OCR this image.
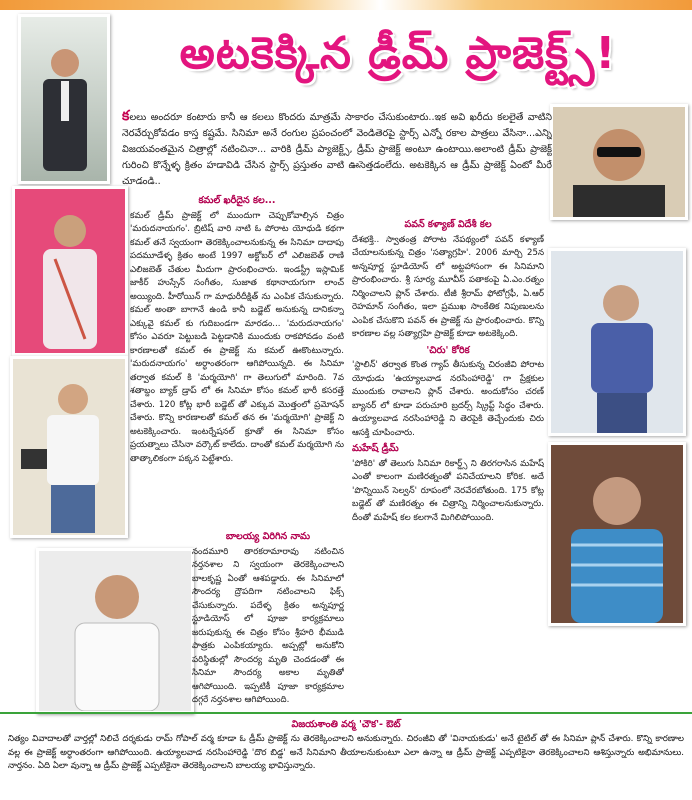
అటకెక్కిన డ్రీమ్ ప్రాజెక్ట్స్!
కలలు అందరూ కంటారు కానీ ఆ కలలు కొందరు మాత్రమే సాకారం చేసుకుంటారు..ఇక అవి ఖరీదు కలలైతే వాటిని నెరవేర్చుకోవడం కాస్త కష్టమే. సినిమా అనే రంగుల ప్రపంచంలో వెండితెరపై స్టార్స్ ఎన్నో రకాల పాత్రలు వేసినా...ఎన్ని విజయవంతమైన చిత్రాల్లో నటించినా... వారికి డ్రీమ్ ప్యాజెక్ట్స్, డ్రీమ్ ప్రాజెక్ట్ అంటూ ఉంటాయి.అలాంటి డ్రీమ్ ప్రాజెక్ట్ గురించి కొన్నేళ్ళ క్రితం హడావిడి చేసిన స్టార్స్ ప్రస్తుతం వాటి ఊసెత్తడంలేదు. అటకెక్కిన ఆ డ్రీమ్ ప్రాజెక్ట్ ఏంటో మీరే చూడండి..
కమల్ ఖరీదైన కల...
కమల్ డ్రీమ్ ప్రాజెక్ట్ లో ముందుగా చెప్పుకోవాల్సిన చిత్రం 'మరుదనాయగం'. బ్రిటిష్ వారి నాటి ఓ పోరాట యోధుడి కథగా కమల్ తనే స్వయంగా తెరకెక్కించాలనుకున్న ఈ సినిమా దాదాపు పదమూడేళ్ళ క్రితం అంటే 1997 అక్టోబర్ లో ఎలిజబెత్ రాణి ఎలిజబెత్ చేతుల మీదుగా ప్రారంభించారు. ఇండస్ట్రీ ఇస్లామిక్ జాకీర్ హుస్సేన్ సంగీతం, సుజాత కథానాయగుగా లాంచ్ అయ్యింది. హీరోయిన్ గా మాధురీదీక్షిత్ ను ఎంపిక చేసుకున్నారు. కమల్ అంతా బాగానే ఉండి కానీ బడ్జెట్ అనుకున్న దానికన్నా ఎక్కువై కమల్ కు గుదిబండగా మారడం... 'మరుదనాయగం' కోసం ఎవరూ పెట్టుబడి పెట్టడానికి ముందుకు రాకపోవడం వంటి కారణాలతో కమల్ ఈ ప్రాజెక్ట్ ను కమల్ ఊకొంటున్నారు. 'మరుదనాయగం' అర్ధాంతరంగా ఆగిపోయిన్నది. ఈ సినిమా తర్వాత కమల్ కి 'మర్మయోగి' గా తెలుగులో మారింది. 7వ శతాబ్దం బ్యాక్ డ్రాప్ లో ఈ సినిమా కోసం కమల్ భారీ కసరత్తే చేశారు. 120 కోట్ల భారీ బడ్జెట్ తో ఎక్కువ మొత్తంలో ప్రమోషన్ చేశారు. కొన్ని కారణాలతో కమల్ తన ఈ 'మర్మయోగి' ప్రాజెక్ట్ ని అటకెక్కించారు. ఇంటర్నేషనల్ క్రూతో ఈ సినిమా కోసం ప్రయత్నాలు చేసినా వర్కౌట్ కాలేదు. దాంతో కమల్ మర్మయోగి ను తాత్కాలికంగా పక్కన పెట్టేశారు.
బాలయ్య విరిగిన నామ
నందమూరి తారకరామారావు నటించిన నర్తనశాల ని స్వయంగా తెరకెక్కించాలని బాలకృష్ణ ఏంతో ఆశపడ్డారు. ఈ సినిమాలో సౌందర్య ద్రౌపదిగా నటించాలని ఫిక్స్ చేసుకున్నారు. పదేళ్ళ క్రితం అన్నపూర్ణ స్టూడియోస్ లో పూజా కార్యక్రమాలు జరుపుకున్న ఈ చిత్రం కోసం శ్రీహరి భీముడి పాత్రకు ఎంపికయ్యారు. అప్పట్లో అనుకోని పరిస్థితుల్లో సౌందర్య మృతి చెందడంతో ఈ సినిమా సౌందర్య అకాల మృతితో ఆగిపోయింది. ఇప్పటికీ పూజా కార్యక్రమాల దగ్గరే నర్తనశాల ఆగిపోయింది.
పవన్ కళ్యాణ్ విదేశీ కల
దేశభక్తి.. స్వాతంత్ర పోరాట నేపథ్యంలో పవన్ కళ్యాణ్ చేయాలనుకున్న చిత్రం 'సత్యాగ్రహి'. 2006 మార్చి 25న అన్నపూర్ణ స్టూడియోస్ లో అట్టహాసంగా ఈ సినిమాని ప్రారంభించారు. శ్రీ సూర్య మూవీస్ పతాకంపై ఏ.ఎం.రత్నం నిర్మించాలని ప్లాన్ చేశారు. టీజీ శ్రీరామ్ ఫోటోగ్రఫీ, ఏ.ఆర్ రెహమాన్ సంగీతం, ఇలా ప్రముఖ సాంకేతిక నిపుణులను ఎంపిక చేసుకొని పవన్ ఈ ప్రాజెక్ట్ ను ప్రారంభించారు. కొన్ని కారణాల వల్ల సత్యాగ్రహి ప్రాజెక్ట్ కూడా అటకెక్కింది.
'చిరు' కోరిక
'స్టాలిన్' తర్వాత కొంత గ్యాప్ తీసుకున్న చిరంజీవి పోరాట యోధుడు 'ఉయ్యాలవాడ నరసింహారెడ్డి' గా ప్రేక్షకుల ముందుకు రావాలని ప్లాన్ చేశారు. అందుకోసం చరణ్ బ్యానర్ లో కూడా పరుచూరి బ్రదర్స్ స్క్రిప్ట్ సిద్ధం చేశారు. ఉయ్యాలవాడ నరసింహారెడ్డి ని తెరపైకి తెచ్చేందుకు చిరు ఆసక్తి చూపించారు.
మహేష్ డ్రీమ్
'పోకిరి' తో తెలుగు సినిమా రికార్డ్స్ ని తిరగరాసిన మహేష్ ఎంతో కాలంగా మణిరత్నంతో పనిచేయాలని కోరిక. అదే 'పొన్నియిన్ సెల్వన్' రూపంలో నెరవేరబోతుంది. 175 కోట్ల బడ్జెట్ తో మణిరత్నం ఈ చిత్రాన్ని నిర్మించాలనుకున్నారు. దీంతో మహేష్ కల కలగానే మిగిలిపోయింది.
విజయశాంతి వర్మ 'చౌక'- ఔట్
నిత్యం వివాదాలతో వార్తల్లో నిలిచే దర్శకుడు రామ్ గోపాల్ వర్మ కూడా ఓ డ్రీమ్ ప్రాజెక్ట్ ను తెరకెక్కించాలని అనుకున్నారు. చిరంజీవి తో 'వినాయకుడు' అనే టైటిల్ తో ఈ సినిమా ప్లాన్ చేశారు. కొన్ని కారణాల వల్ల ఈ ప్రాజెక్ట్ అర్ధాంతరంగా ఆగిపోయింది. ఉయ్యాలవాడ నరసింహారెడ్డి 'దొర బిడ్డ' అనే సినిమాని తీయాలనుకుంటూ ఎలా ఉన్నా ఆ డ్రీమ్ ప్రాజెక్ట్ ఎప్పటికైనా తెరకెక్కించాలని ఆశిస్తున్నారు అభిమానులు. నార్తనం. ఏది ఏలా వున్నా ఆ డ్రీమ్ ప్రాజెక్ట్ ఎప్పటికైనా తెరకెక్కించాలని బాలయ్య భావిస్తున్నారు.
